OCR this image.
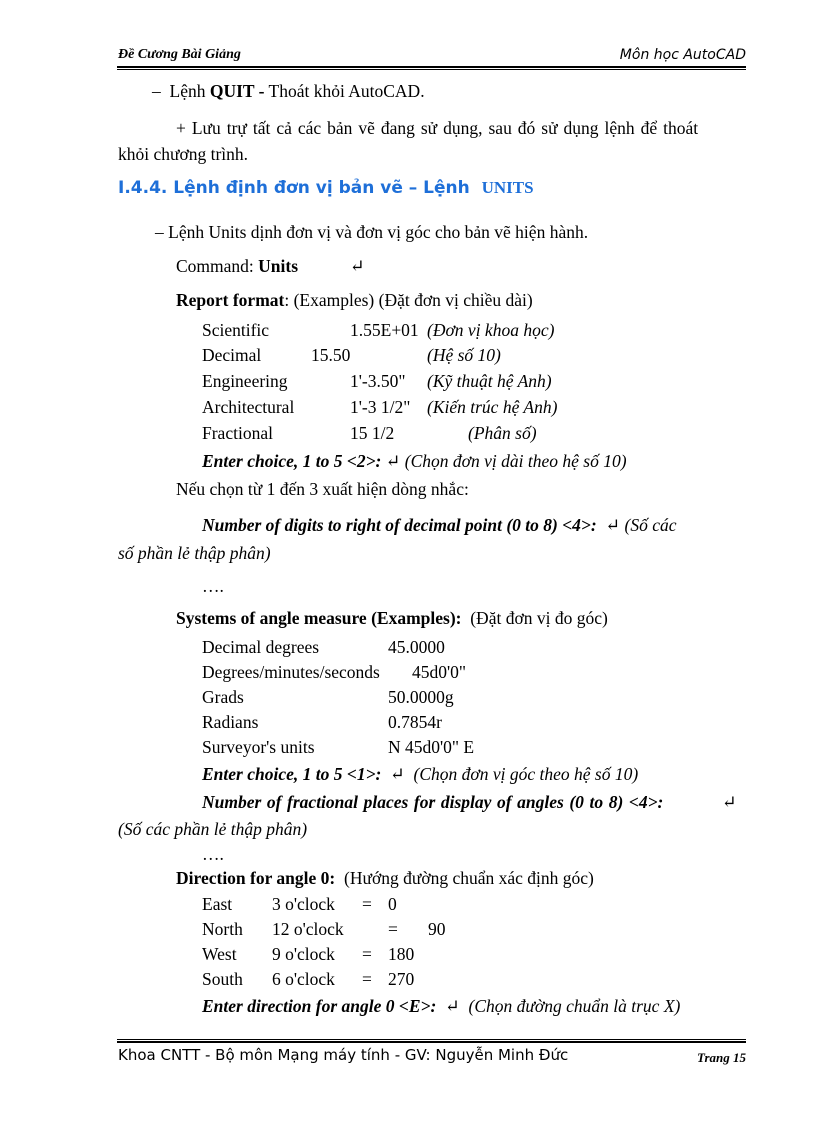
Đề Cương Bài Giảng	Môn học AutoCAD
– Lệnh QUIT - Thoát khỏi AutoCAD.
+ Lưu trự tất cả các bản vẽ đang sử dụng, sau đó sử dụng lệnh để thoát
khỏi chương trình.
I.4.4. Lệnh định đơn vị bản vẽ – Lệnh UNITS
– Lệnh Units dịnh đơn vị và đơn vị góc cho bản vẽ hiện hành.
Command: Units	↵
Report format: (Examples) (Đặt đơn vị chiều dài)
Scientific	1.55E+01 (Đơn vị khoa học)
Decimal	15.50	(Hệ số 10)
Engineering	1'-3.50" (Kỹ thuật hệ Anh)
Architectural	1'-3 1/2" (Kiến trúc hệ Anh)
Fractional	15 1/2	(Phân số)
Enter choice, 1 to 5 <2>: ↵ (Chọn đơn vị dài theo hệ số 10)
Nếu chọn từ 1 đến 3 xuất hiện dòng nhắc:
Number of digits to right of decimal point (0 to 8) <4>: ↵ (Số các
số phần lẻ thập phân)
….
Systems of angle measure (Examples): (Đặt đơn vị đo góc)
Decimal degrees	45.0000
Degrees/minutes/seconds 45d0'0"
Grads	50.0000g
Radians	0.7854r
Surveyor's units	N 45d0'0" E
Enter choice, 1 to 5 <1>: ↵ (Chọn đơn vị góc theo hệ số 10)
Number of fractional places for display of angles (0 to 8) <4>:	↵
(Số các phần lẻ thập phân)
….
Direction for angle 0: (Hướng đường chuẩn xác định góc)
East 3 o'clock = 0
North 12 o'clock	= 90
West 9 o'clock = 180
South 6 o'clock = 270
Enter direction for angle 0 <E>: ↵ (Chọn đường chuẩn là trục X)
Khoa CNTT - Bộ môn Mạng máy tính - GV: Nguyễn Minh Đức	Trang 15
